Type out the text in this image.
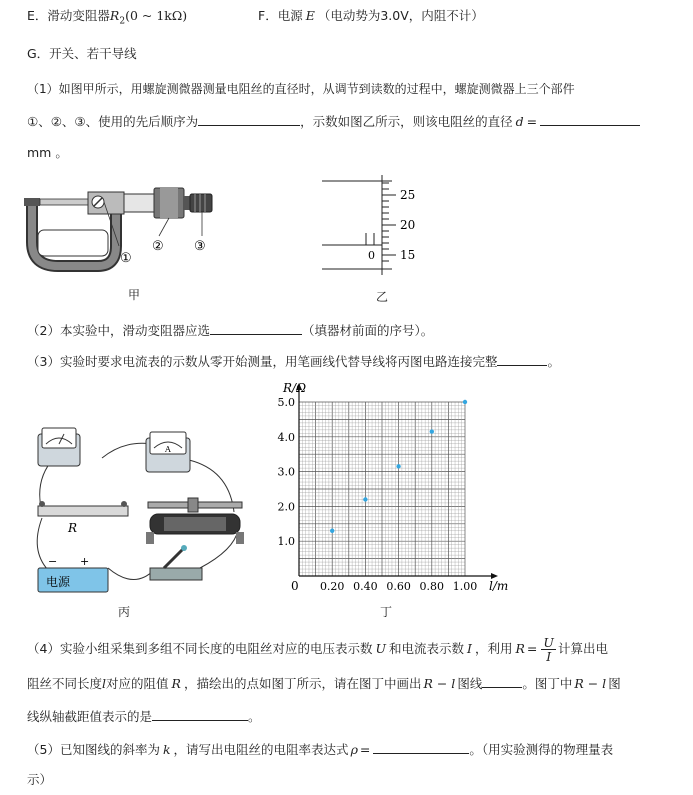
E．滑动变阻器$R_2(0$ ~ 1kΩ)	F．电源 E （电动势为3.0V，内阻不计）
G．开关、若干导线
（1）如图甲所示，用螺旋测微器测量电阻丝的直径时，从调节到读数的过程中，螺旋测微器上三个部件
①、②、③、使用的先后顺序为	，示数如图乙所示，则该电阻丝的直径 d =
mm 。
①
② ③
甲
25
20
15
0
乙
（2）本实验中，滑动变阻器应选	（填器材前面的序号）。
（3）实验时要求电流表的示数从零开始测量，用笔画线代替导线将丙图电路连接完整	。
A
R
− +
电源
丙
1.0
2.0
3.0
4.0
5.0
0.20 0.40 0.60 0.80 1.00
R/Ω
l/m
0
丁
（4）实验小组采集到多组不同长度的电阻丝对应的电压表示数 U 和电流表示数 I ，利用 $R = \frac{U}{I}$ 计算出电
阻丝不同长度l对应的阻值 R ，描绘出的点如图丁所示，请在图丁中画出 R − l 图线	。图丁中 R − l 图
线纵轴截距值表示的是	。
（5）已知图线的斜率为 k ，请写出电阻丝的电阻率表达式 ρ =	。（用实验测得的物理量表
示）
